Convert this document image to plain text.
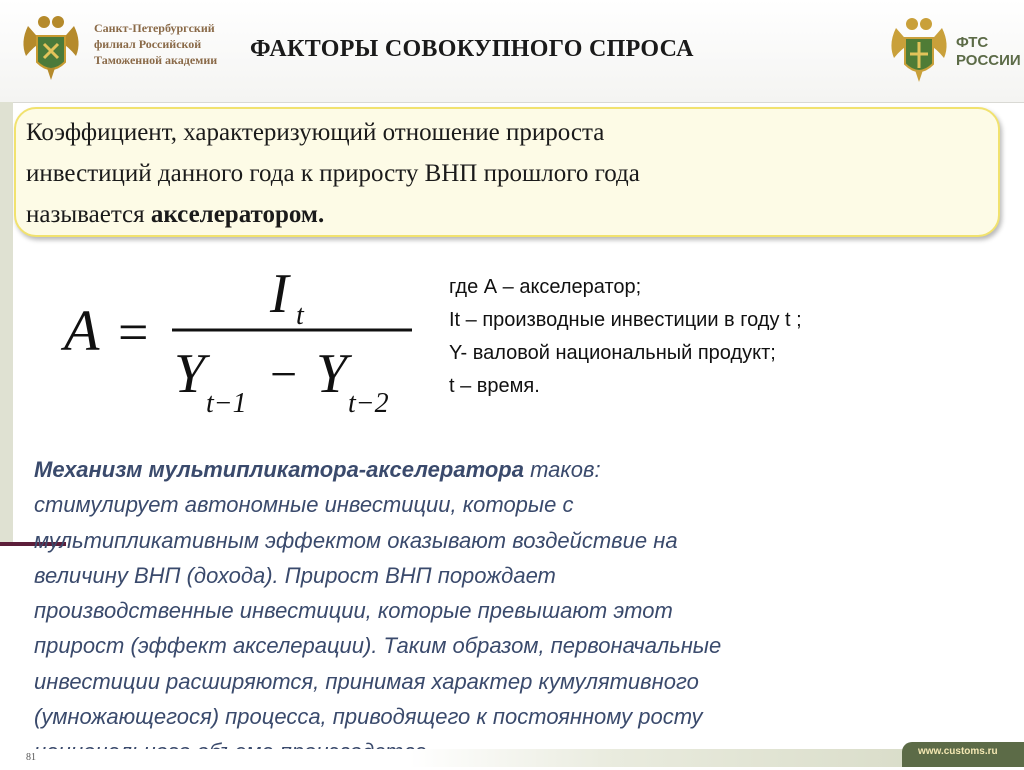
Санкт-Петербургский
филиал Российской
Таможенной академии	ФАКТОРЫ СОВОКУПНОГО СПРОСА	ФТС
РОССИИ
Коэффициент, характеризующий отношение прироста
инвестиций данного года к приросту ВНП прошлого года
называется акселератором.
A =
I t
Y t−1
− Y t−2
где А – акселератор;
It – производные инвестиции в году t ;
Y- валовой национальный продукт;
t – время.
Механизм мультипликатора-акселератора таков:
стимулирует автономные инвестиции, которые с
мультипликативным эффектом оказывают воздействие на
величину ВНП (дохода). Прирост ВНП порождает
производственные инвестиции, которые превышают этот
прирост (эффект акселерации). Таким образом, первоначальные
инвестиции расширяются, принимая характер кумулятивного
(умножающегося) процесса, приводящего к постоянному росту
www.customs.ru
81
